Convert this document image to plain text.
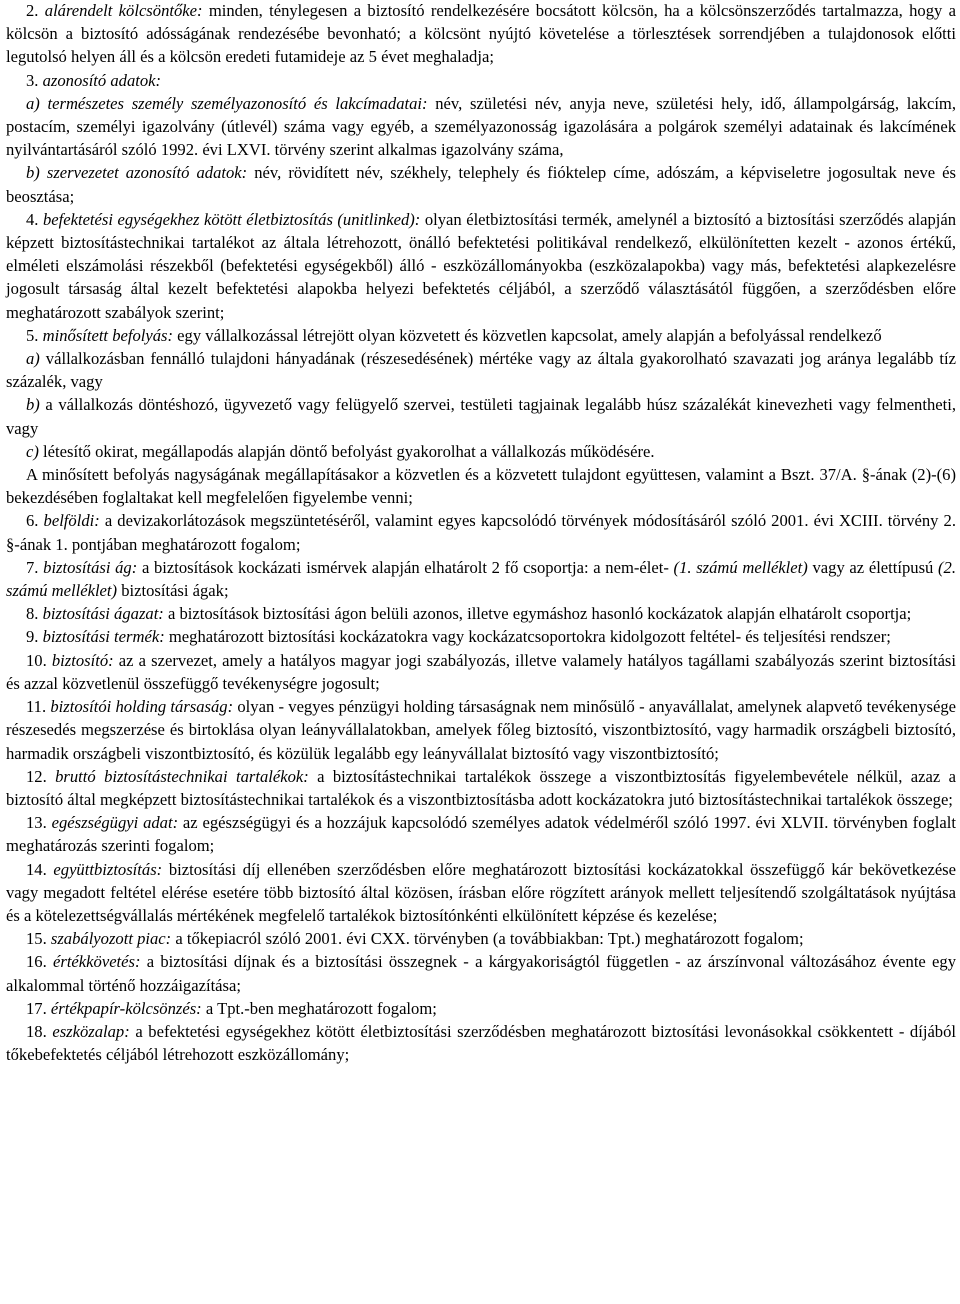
2. alárendelt kölcsöntőke: minden, ténylegesen a biztosító rendelkezésére bocsátott kölcsön, ha a kölcsönszerződés tartalmazza, hogy a kölcsön a biztosító adósságának rendezésébe bevonható; a kölcsönt nyújtó követelése a törlesztések sorrendjében a tulajdonosok előtti legutolsó helyen áll és a kölcsön eredeti futamideje az 5 évet meghaladja;
3. azonosító adatok:
a) természetes személy személyazonosító és lakcímadatai: név, születési név, anyja neve, születési hely, idő, állampolgárság, lakcím, postacím, személyi igazolvány (útlevél) száma vagy egyéb, a személyazonosság igazolására a polgárok személyi adatainak és lakcímének nyilvántartásáról szóló 1992. évi LXVI. törvény szerint alkalmas igazolvány száma,
b) szervezetet azonosító adatok: név, rövidített név, székhely, telephely és fióktelep címe, adószám, a képviseletre jogosultak neve és beosztása;
4. befektetési egységekhez kötött életbiztosítás (unitlinked): olyan életbiztosítási termék, amelynél a biztosító a biztosítási szerződés alapján képzett biztosítástechnikai tartalékot az általa létrehozott, önálló befektetési politikával rendelkező, elkülönítetten kezelt - azonos értékű, elméleti elszámolási részekből (befektetési egységekből) álló - eszközállományokba (eszközalapokba) vagy más, befektetési alapkezelésre jogosult társaság által kezelt befektetési alapokba helyezi befektetés céljából, a szerződő választásától függően, a szerződésben előre meghatározott szabályok szerint;
5. minősített befolyás: egy vállalkozással létrejött olyan közvetett és közvetlen kapcsolat, amely alapján a befolyással rendelkező
a) vállalkozásban fennálló tulajdoni hányadának (részesedésének) mértéke vagy az általa gyakorolható szavazati jog aránya legalább tíz százalék, vagy
b) a vállalkozás döntéshozó, ügyvezető vagy felügyelő szervei, testületi tagjainak legalább húsz százalékát kinevezheti vagy felmentheti, vagy
c) létesítő okirat, megállapodás alapján döntő befolyást gyakorolhat a vállalkozás működésére.
A minősített befolyás nagyságának megállapításakor a közvetlen és a közvetett tulajdont együttesen, valamint a Bszt. 37/A. §-ának (2)-(6) bekezdésében foglaltakat kell megfelelően figyelembe venni;
6. belföldi: a devizakorlátozások megszüntetéséről, valamint egyes kapcsolódó törvények módosításáról szóló 2001. évi XCIII. törvény 2. §-ának 1. pontjában meghatározott fogalom;
7. biztosítási ág: a biztosítások kockázati ismérvek alapján elhatárolt 2 fő csoportja: a nem-élet- (1. számú melléklet) vagy az élettípusú (2. számú melléklet) biztosítási ágak;
8. biztosítási ágazat: a biztosítások biztosítási ágon belüli azonos, illetve egymáshoz hasonló kockázatok alapján elhatárolt csoportja;
9. biztosítási termék: meghatározott biztosítási kockázatokra vagy kockázatcsoportokra kidolgozott feltétel- és teljesítési rendszer;
10. biztosító: az a szervezet, amely a hatályos magyar jogi szabályozás, illetve valamely hatályos tagállami szabályozás szerint biztosítási és azzal közvetlenül összefüggő tevékenységre jogosult;
11. biztosítói holding társaság: olyan - vegyes pénzügyi holding társaságnak nem minősülő - anyavállalat, amelynek alapvető tevékenysége részesedés megszerzése és birtoklása olyan leányvállalatokban, amelyek főleg biztosító, viszontbiztosító, vagy harmadik országbeli biztosító, harmadik országbeli viszontbiztosító, és közülük legalább egy leányvállalat biztosító vagy viszontbiztosító;
12. bruttó biztosítástechnikai tartalékok: a biztosítástechnikai tartalékok összege a viszontbiztosítás figyelembevétele nélkül, azaz a biztosító által megképzett biztosítástechnikai tartalékok és a viszontbiztosításba adott kockázatokra jutó biztosítástechnikai tartalékok összege;
13. egészségügyi adat: az egészségügyi és a hozzájuk kapcsolódó személyes adatok védelméről szóló 1997. évi XLVII. törvényben foglalt meghatározás szerinti fogalom;
14. együttbiztosítás: biztosítási díj ellenében szerződésben előre meghatározott biztosítási kockázatokkal összefüggő kár bekövetkezése vagy megadott feltétel elérése esetére több biztosító által közösen, írásban előre rögzített arányok mellett teljesítendő szolgáltatások nyújtása és a kötelezettségvállalás mértékének megfelelő tartalékok biztosítónkénti elkülönített képzése és kezelése;
15. szabályozott piac: a tőkepiacról szóló 2001. évi CXX. törvényben (a továbbiakban: Tpt.) meghatározott fogalom;
16. értékkövetés: a biztosítási díjnak és a biztosítási összegnek - a kárgyakoriságtól független - az árszínvonal változásához évente egy alkalommal történő hozzáigazítása;
17. értékpapír-kölcsönzés: a Tpt.-ben meghatározott fogalom;
18. eszközalap: a befektetési egységekhez kötött életbiztosítási szerződésben meghatározott biztosítási levonásokkal csökkentett - díjából tőkebefektetés céljából létrehozott eszközállomány;
